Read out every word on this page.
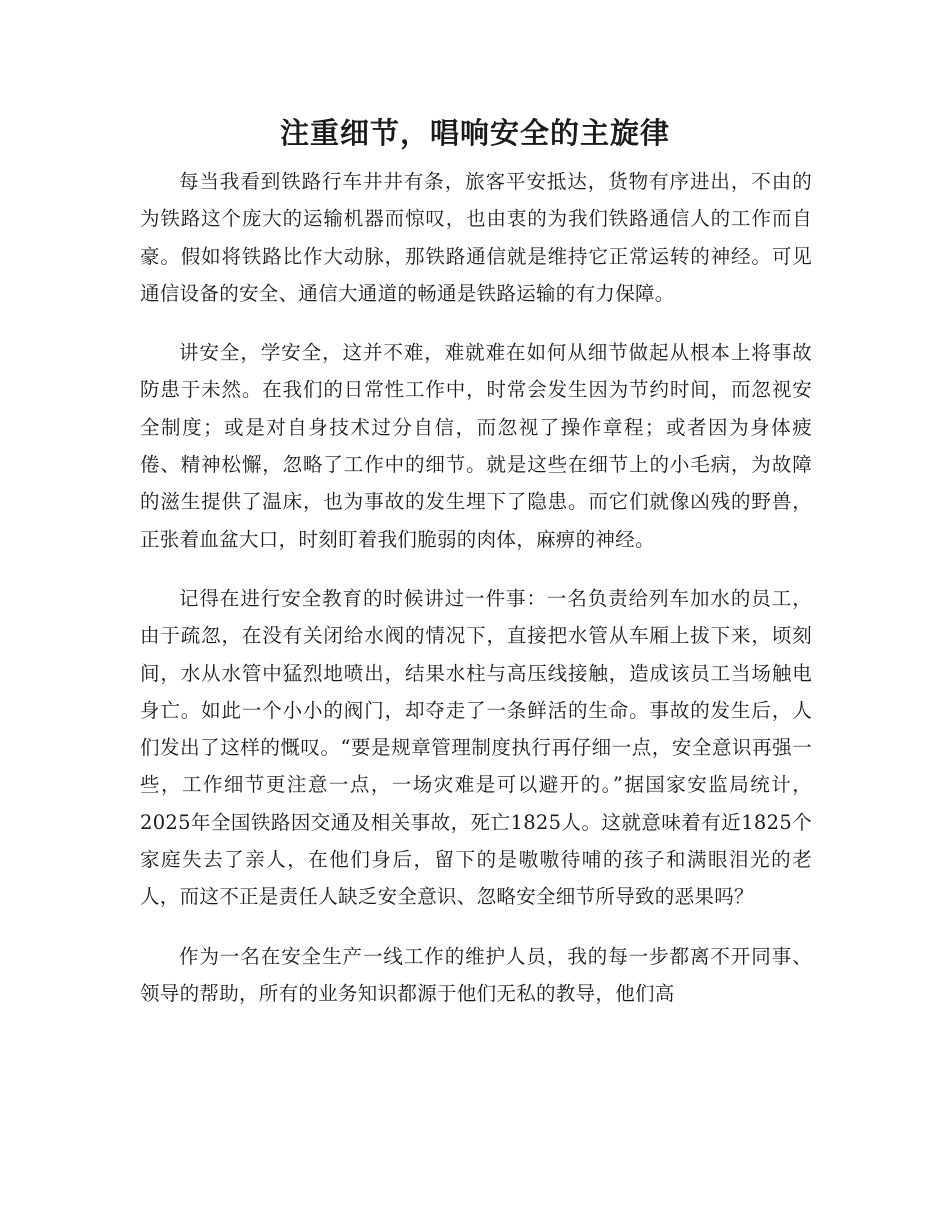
注重细节，唱响安全的主旋律

每当我看到铁路行车井井有条，旅客平安抵达，货物有序进出，不由的为铁路这个庞大的运输机器而惊叹，也由衷的为我们铁路通信人的工作而自豪。假如将铁路比作大动脉，那铁路通信就是维持它正常运转的神经。可见通信设备的安全、通信大通道的畅通是铁路运输的有力保障。

讲安全，学安全，这并不难，难就难在如何从细节做起从根本上将事故防患于未然。在我们的日常性工作中，时常会发生因为节约时间，而忽视安全制度；或是对自身技术过分自信，而忽视了操作章程；或者因为身体疲倦、精神松懈，忽略了工作中的细节。就是这些在细节上的小毛病，为故障的滋生提供了温床，也为事故的发生埋下了隐患。而它们就像凶残的野兽，正张着血盆大口，时刻盯着我们脆弱的肉体，麻痹的神经。

记得在进行安全教育的时候讲过一件事：一名负责给列车加水的员工，由于疏忽，在没有关闭给水阀的情况下，直接把水管从车厢上拔下来，顷刻间，水从水管中猛烈地喷出，结果水柱与高压线接触，造成该员工当场触电身亡。如此一个小小的阀门，却夺走了一条鲜活的生命。事故的发生后，人们发出了这样的慨叹。“要是规章管理制度执行再仔细一点，安全意识再强一些，工作细节更注意一点，一场灾难是可以避开的。”据国家安监局统计，2025年全国铁路因交通及相关事故，死亡1825人。这就意味着有近1825个家庭失去了亲人，在他们身后，留下的是嗷嗷待哺的孩子和满眼泪光的老人，而这不正是责任人缺乏安全意识、忽略安全细节所导致的恶果吗？

作为一名在安全生产一线工作的维护人员，我的每一步都离不开同事、领导的帮助，所有的业务知识都源于他们无私的教导，他们高
